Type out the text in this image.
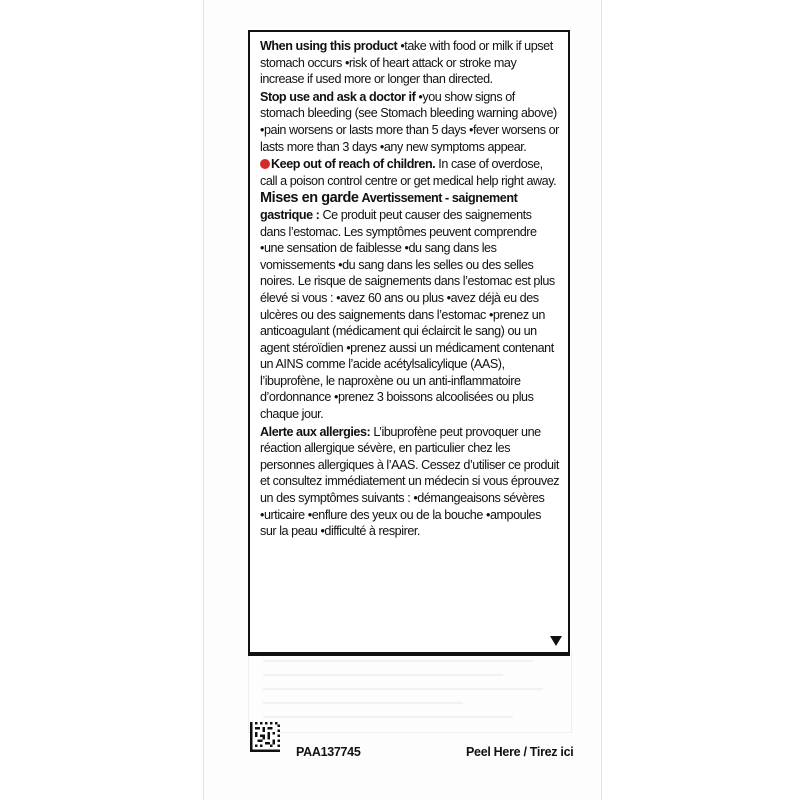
When using this product • take with food or milk if upset stomach occurs • risk of heart attack or stroke may increase if used more or longer than directed.

Stop use and ask a doctor if • you show signs of stomach bleeding (see Stomach bleeding warning above) • pain worsens or lasts more than 5 days • fever worsens or lasts more than 3 days • any new symptoms appear.

Keep out of reach of children. In case of overdose, call a poison control centre or get medical help right away.

Mises en garde Avertissement - saignement gastrique : Ce produit peut causer des saignements dans l’estomac. Les symptômes peuvent comprendre • une sensation de faiblesse • du sang dans les vomissements • du sang dans les selles ou des selles noires. Le risque de saignements dans l’estomac est plus élevé si vous : • avez 60 ans ou plus • avez déjà eu des ulcères ou des saignements dans l’estomac • prenez un anticoagulant (médicament qui éclaircit le sang) ou un agent stéroïdien • prenez aussi un médicament contenant un AINS comme l’acide acétylsalicylique (AAS), l’ibuprofène, le naproxène ou un anti-inflammatoire d’ordonnance • prenez 3 boissons alcoolisées ou plus chaque jour.

Alerte aux allergies: L’ibuprofène peut provoquer une réaction allergique sévère, en particulier chez les personnes allergiques à l’AAS. Cessez d’utiliser ce produit et consultez immédiatement un médecin si vous éprouvez un des symptômes suivants : • démangeaisons sévères • urticaire • enflure des yeux ou de la bouche • ampoules sur la peau • difficulté à respirer.

PAA137745	Peel Here / Tirez ici
